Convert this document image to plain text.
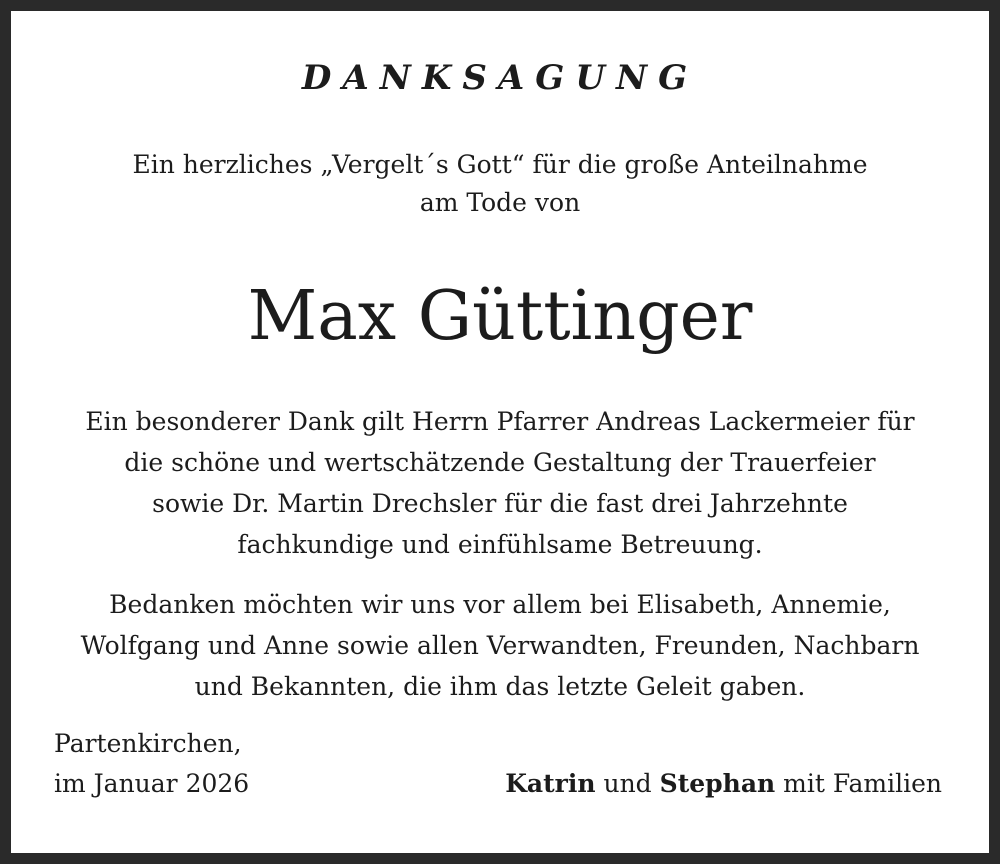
DANKSAGUNG
Ein herzliches „Vergelt´s Gott“ für die große Anteilnahme
am Tode von
Max Güttinger
Ein besonderer Dank gilt Herrn Pfarrer Andreas Lackermeier für
die schöne und wertschätzende Gestaltung der Trauerfeier
sowie Dr. Martin Drechsler für die fast drei Jahrzehnte
fachkundige und einfühlsame Betreuung.
Bedanken möchten wir uns vor allem bei Elisabeth, Annemie,
Wolfgang und Anne sowie allen Verwandten, Freunden, Nachbarn
und Bekannten, die ihm das letzte Geleit gaben.
Partenkirchen,
im Januar 2026	Katrin und Stephan mit Familien
